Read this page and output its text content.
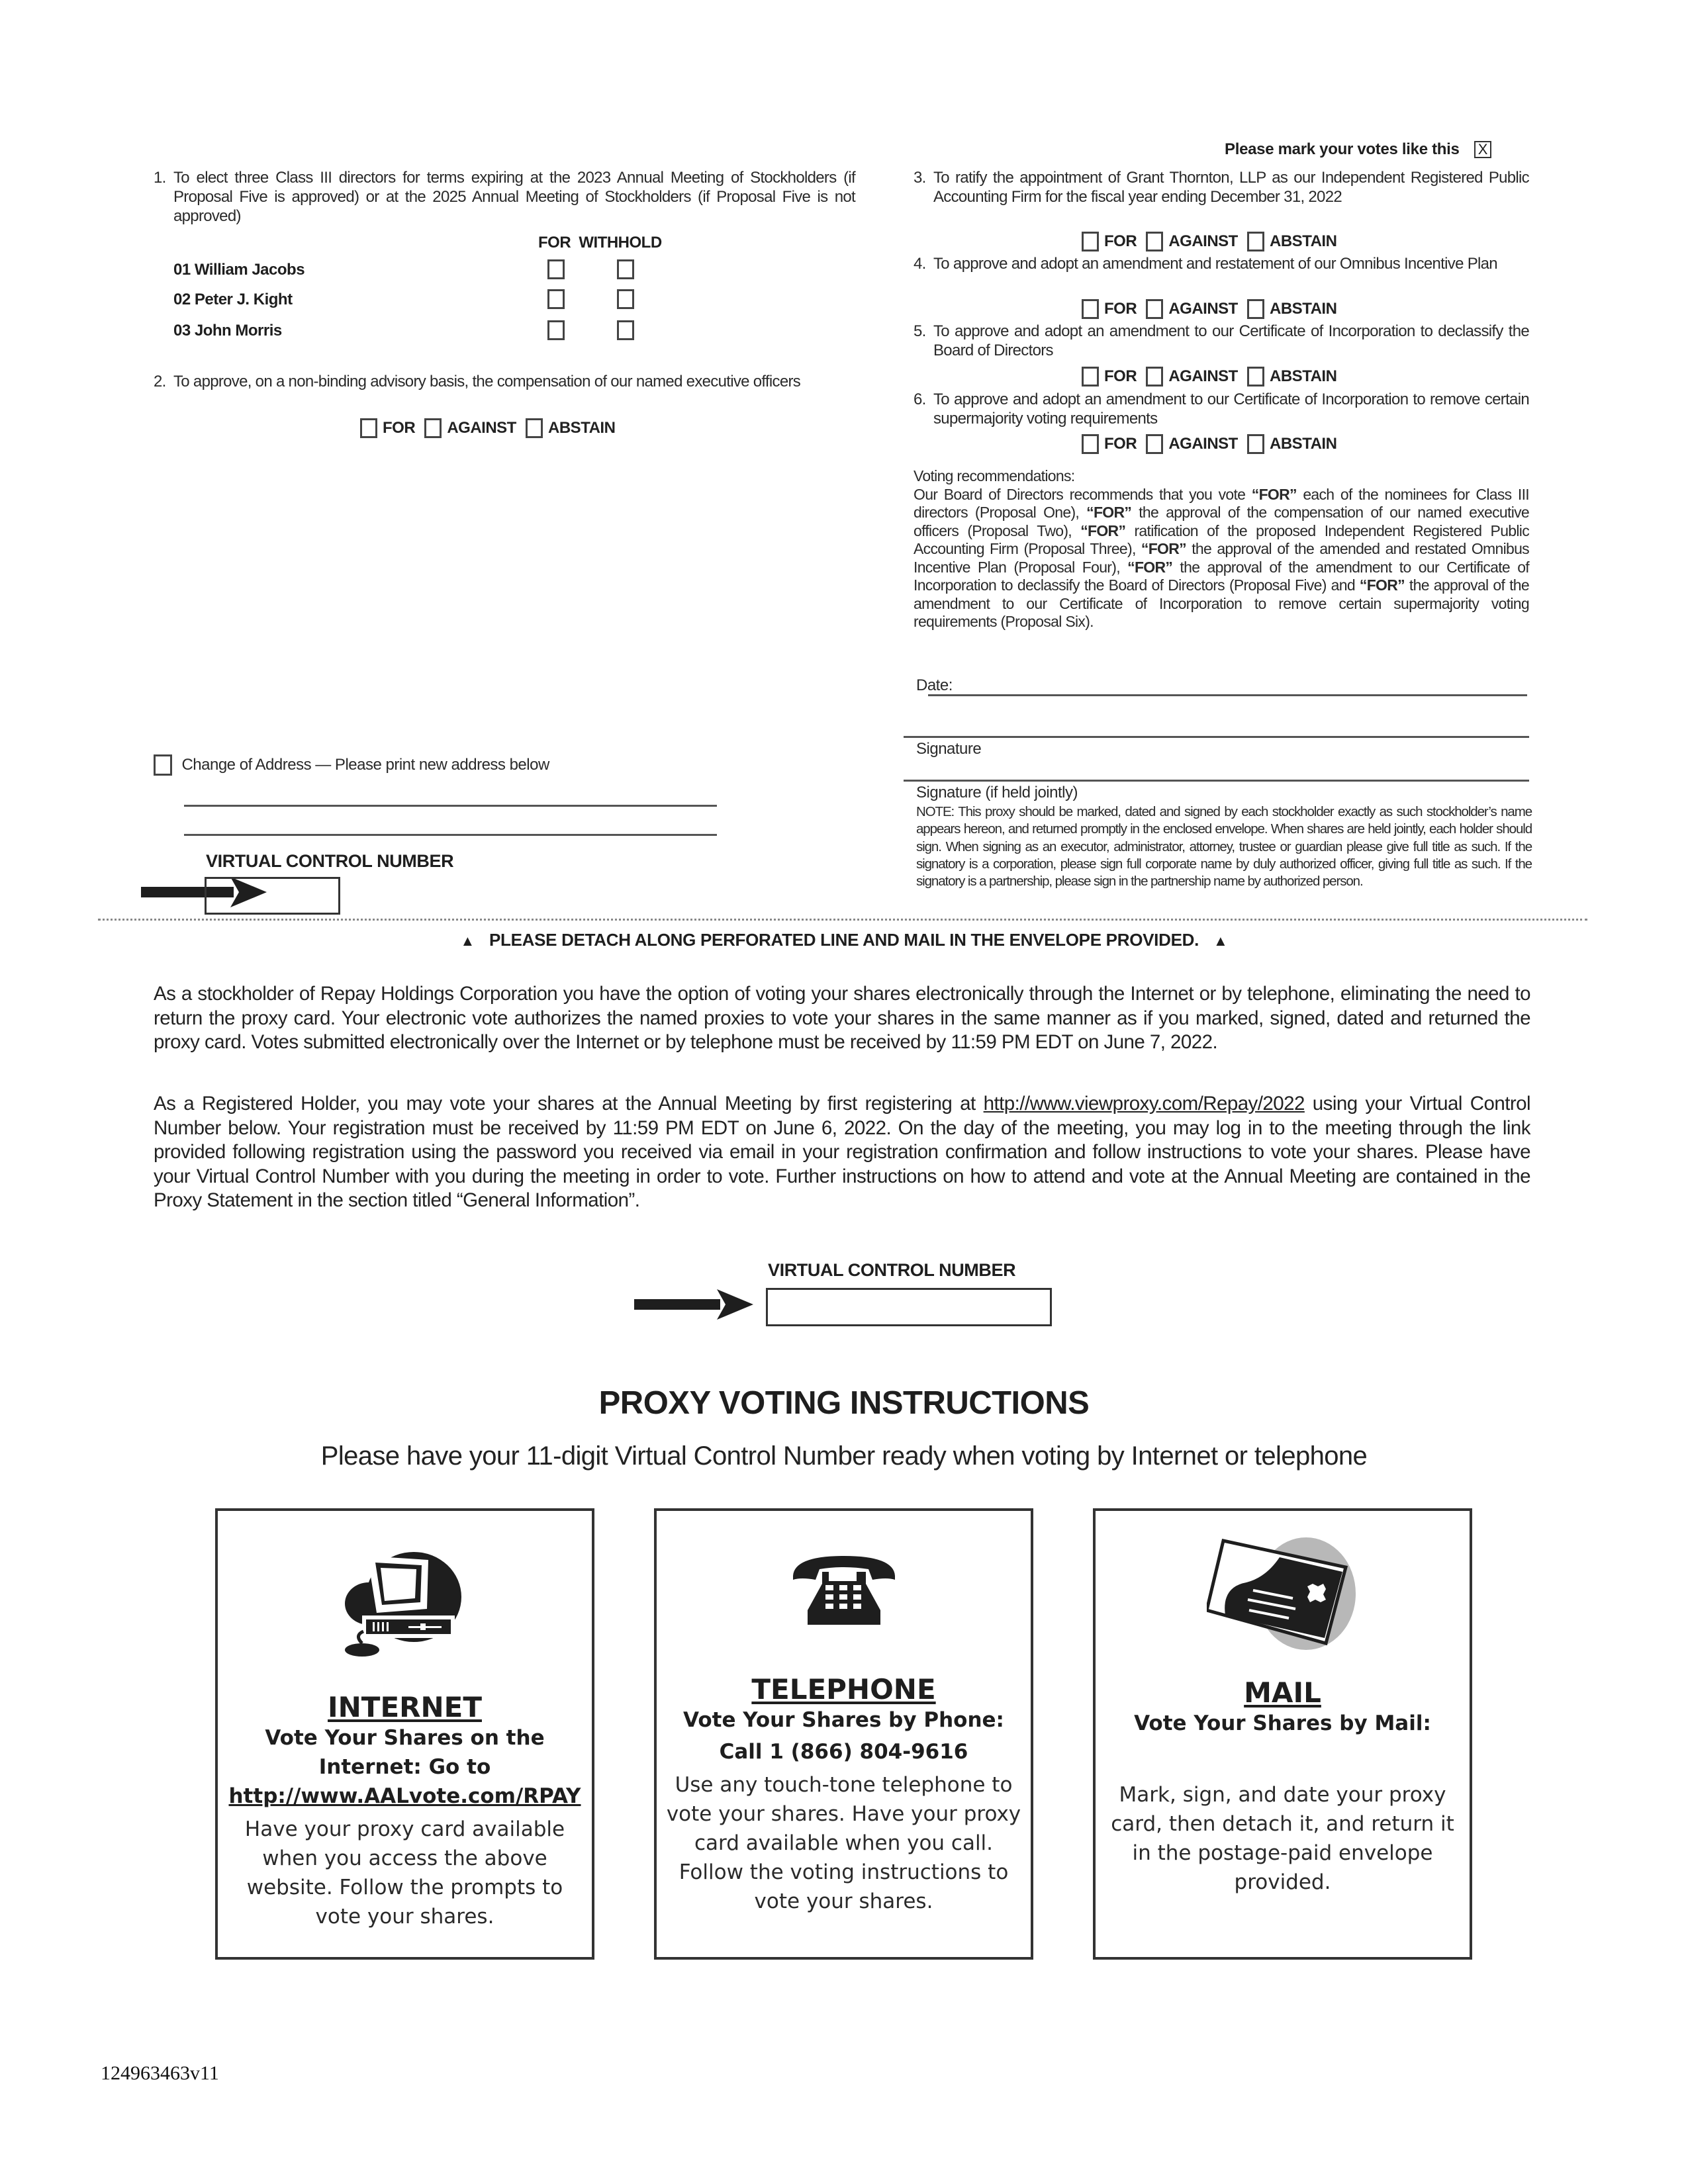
Please mark your votes like this X
1. To elect three Class III directors for terms expiring at the 2023 Annual Meeting of Stockholders (if Proposal Five is approved) or at the 2025 Annual Meeting of Stockholders (if Proposal Five is not approved)
FOR WITHHOLD
01 William Jacobs
02 Peter J. Kight
03 John Morris
2. To approve, on a non-binding advisory basis, the compensation of our named executive officers
FOR AGAINST ABSTAIN
3. To ratify the appointment of Grant Thornton, LLP as our Independent Registered Public Accounting Firm for the fiscal year ending December 31, 2022
FOR AGAINST ABSTAIN
4. To approve and adopt an amendment and restatement of our Omnibus Incentive Plan
FOR AGAINST ABSTAIN
5. To approve and adopt an amendment to our Certificate of Incorporation to declassify the Board of Directors
FOR AGAINST ABSTAIN
6. To approve and adopt an amendment to our Certificate of Incorporation to remove certain supermajority voting requirements
FOR AGAINST ABSTAIN
Voting recommendations:
Our Board of Directors recommends that you vote “FOR” each of the nominees for Class III directors (Proposal One), “FOR” the approval of the compensation of our named executive officers (Proposal Two), “FOR” ratification of the proposed Independent Registered Public Accounting Firm (Proposal Three), “FOR” the approval of the amended and restated Omnibus Incentive Plan (Proposal Four), “FOR” the approval of the amendment to our Certificate of Incorporation to declassify the Board of Directors (Proposal Five) and “FOR” the approval of the amendment to our Certificate of Incorporation to remove certain supermajority voting requirements (Proposal Six).
Date:
Signature
Signature (if held jointly)
NOTE: This proxy should be marked, dated and signed by each stockholder exactly as such stockholder’s name appears hereon, and returned promptly in the enclosed envelope. When shares are held jointly, each holder should sign. When signing as an executor, administrator, attorney, trustee or guardian please give full title as such. If the signatory is a corporation, please sign full corporate name by duly authorized officer, giving full title as such. If the signatory is a partnership, please sign in the partnership name by authorized person.
Change of Address — Please print new address below
VIRTUAL CONTROL NUMBER
▲ PLEASE DETACH ALONG PERFORATED LINE AND MAIL IN THE ENVELOPE PROVIDED. ▲
As a stockholder of Repay Holdings Corporation you have the option of voting your shares electronically through the Internet or by telephone, eliminating the need to return the proxy card. Your electronic vote authorizes the named proxies to vote your shares in the same manner as if you marked, signed, dated and returned the proxy card. Votes submitted electronically over the Internet or by telephone must be received by 11:59 PM EDT on June 7, 2022.
As a Registered Holder, you may vote your shares at the Annual Meeting by first registering at http://www.viewproxy.com/Repay/2022 using your Virtual Control Number below. Your registration must be received by 11:59 PM EDT on June 6, 2022. On the day of the meeting, you may log in to the meeting through the link provided following registration using the password you received via email in your registration confirmation and follow instructions to vote your shares. Please have your Virtual Control Number with you during the meeting in order to vote. Further instructions on how to attend and vote at the Annual Meeting are contained in the Proxy Statement in the section titled “General Information”.
VIRTUAL CONTROL NUMBER
PROXY VOTING INSTRUCTIONS
Please have your 11-digit Virtual Control Number ready when voting by Internet or telephone
INTERNET
Vote Your Shares on the Internet: Go to
http://www.AALvote.com/RPAY
Have your proxy card available when you access the above website. Follow the prompts to vote your shares.
TELEPHONE
Vote Your Shares by Phone:
Call 1 (866) 804-9616
Use any touch-tone telephone to vote your shares. Have your proxy card available when you call. Follow the voting instructions to vote your shares.
MAIL
Vote Your Shares by Mail:
Mark, sign, and date your proxy card, then detach it, and return it in the postage-paid envelope provided.
124963463v11
